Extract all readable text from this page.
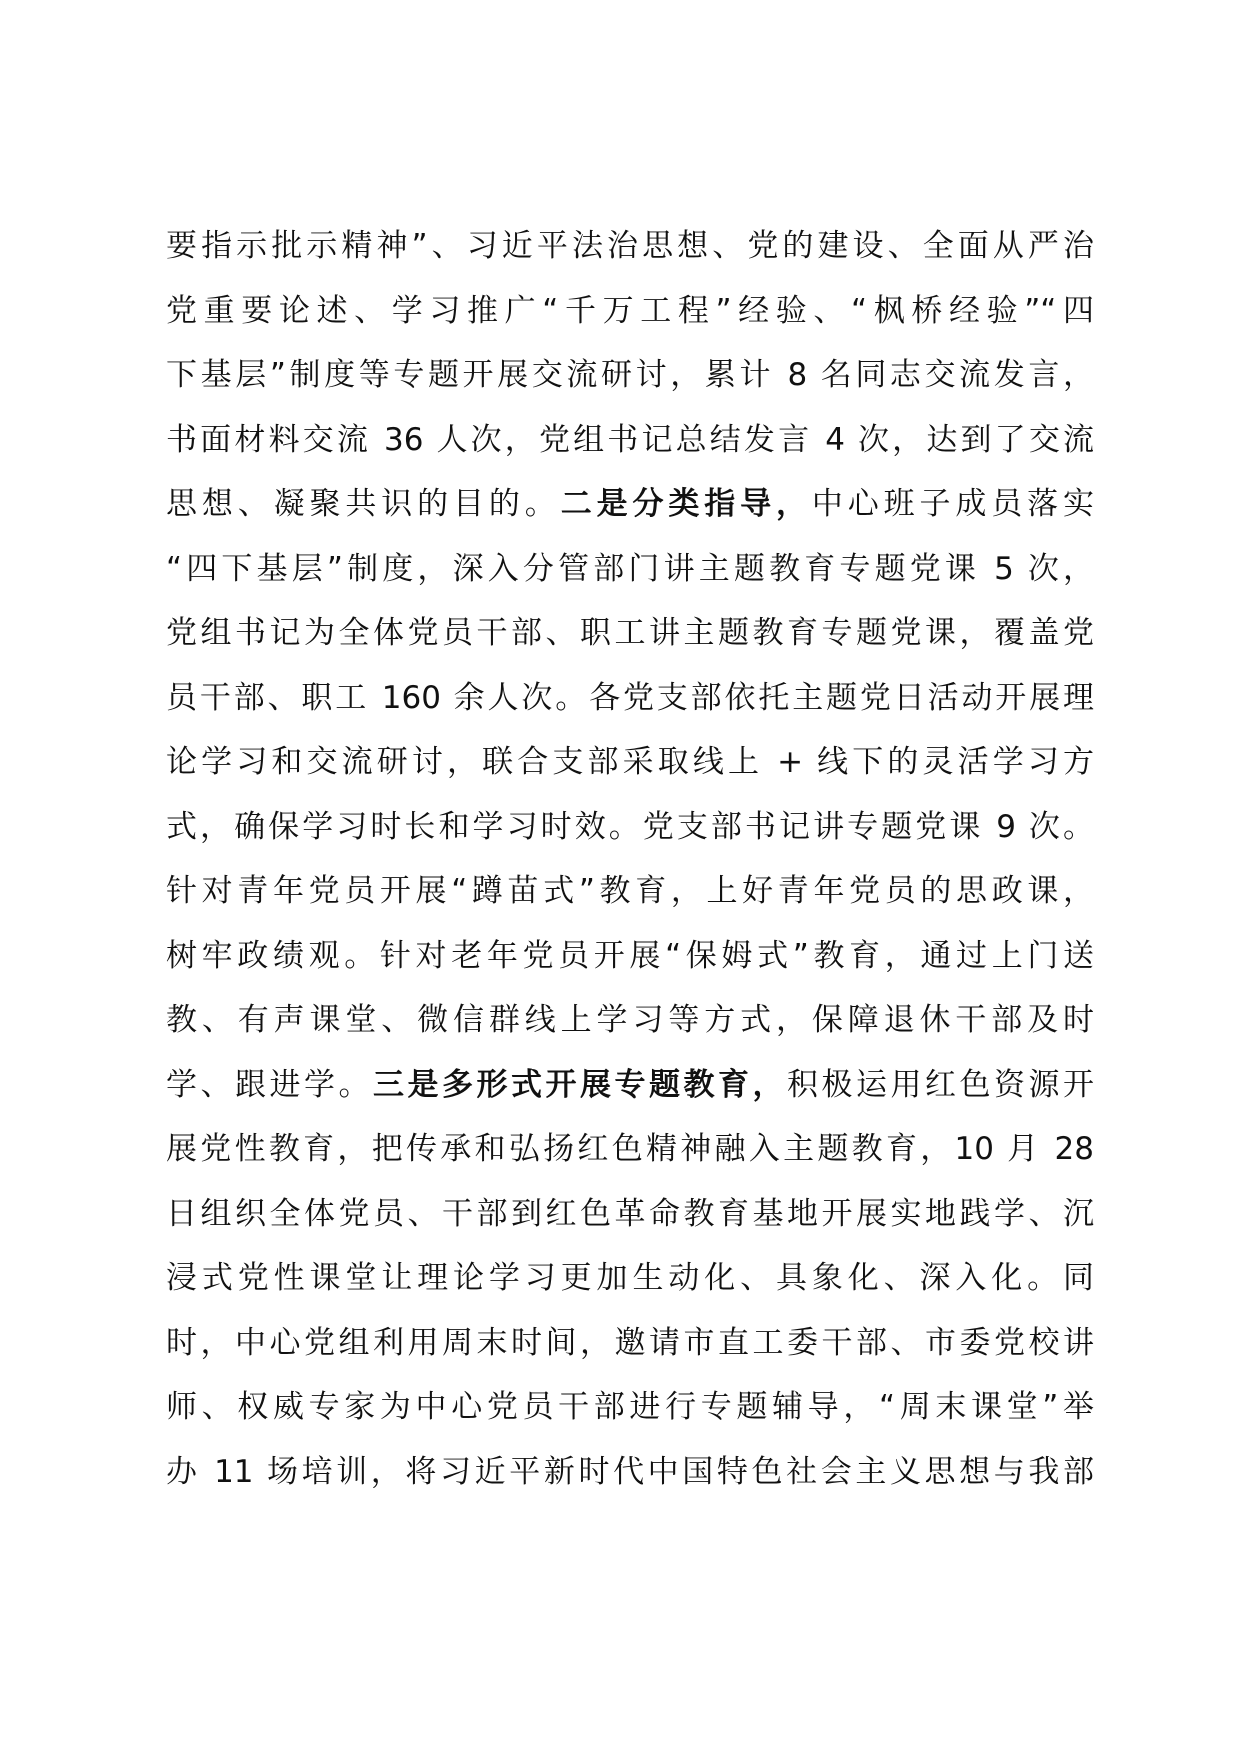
要指示批示精神”、习近平法治思想、党的建设、全面从严治
党重要论述、学习推广“千万工程”经验、“枫桥经验”“四
下基层”制度等专题开展交流研讨，累计 8 名同志交流发言，
书面材料交流 36 人次，党组书记总结发言 4 次，达到了交流
思想、凝聚共识的目的。二是分类指导，中心班子成员落实
“四下基层”制度，深入分管部门讲主题教育专题党课 5 次，
党组书记为全体党员干部、职工讲主题教育专题党课，覆盖党
员干部、职工 160 余人次。各党支部依托主题党日活动开展理
论学习和交流研讨，联合支部采取线上 + 线下的灵活学习方
式，确保学习时长和学习时效。党支部书记讲专题党课 9 次。
针对青年党员开展“蹲苗式”教育，上好青年党员的思政课，
树牢政绩观。针对老年党员开展“保姆式”教育，通过上门送
教、有声课堂、微信群线上学习等方式，保障退休干部及时
学、跟进学。三是多形式开展专题教育，积极运用红色资源开
展党性教育，把传承和弘扬红色精神融入主题教育，10 月 28
日组织全体党员、干部到红色革命教育基地开展实地践学、沉
浸式党性课堂让理论学习更加生动化、具象化、深入化。同
时，中心党组利用周末时间，邀请市直工委干部、市委党校讲
师、权威专家为中心党员干部进行专题辅导，“周末课堂”举
办 11 场培训，将习近平新时代中国特色社会主义思想与我部
